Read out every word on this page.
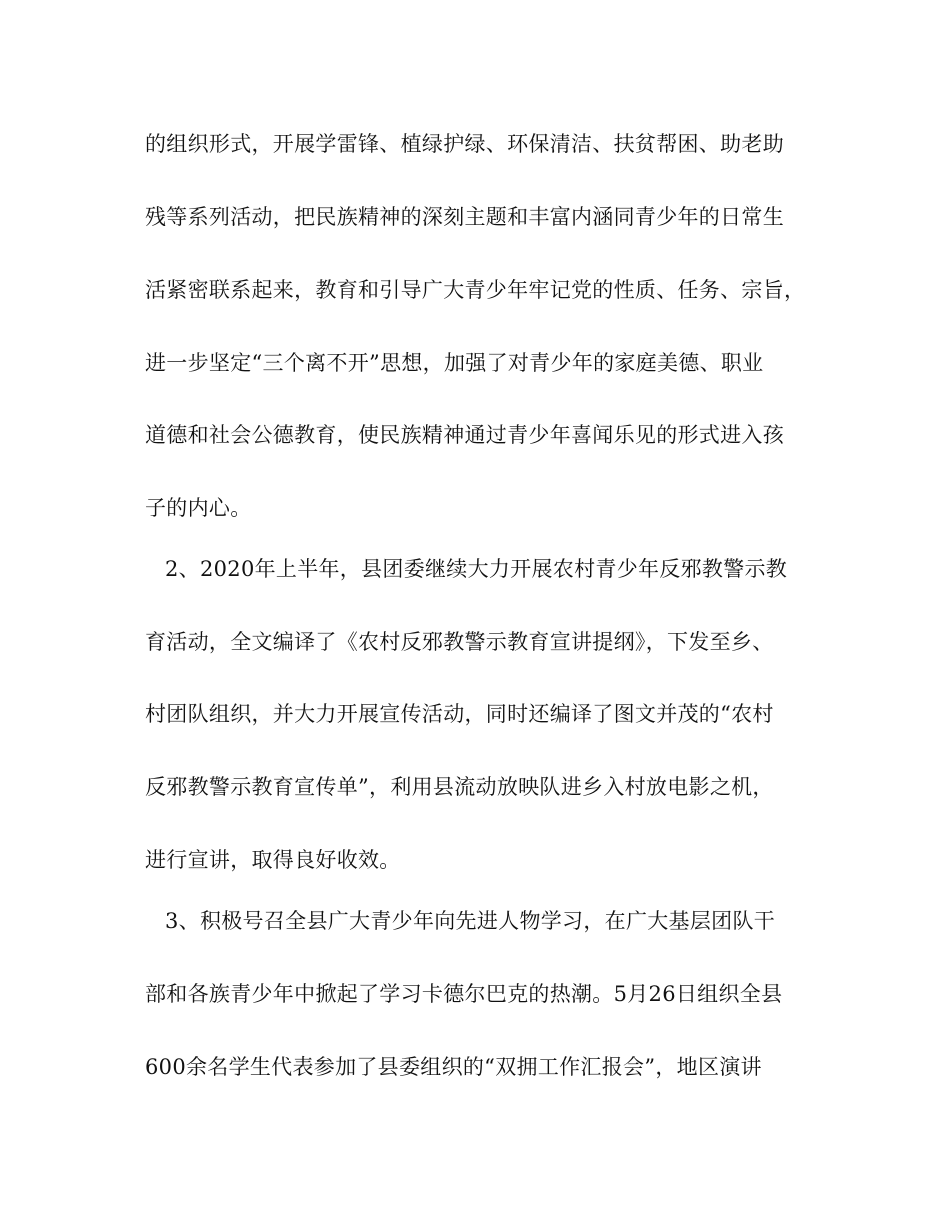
的组织形式，开展学雷锋、植绿护绿、环保清洁、扶贫帮困、助老助
残等系列活动，把民族精神的深刻主题和丰富内涵同青少年的日常生
活紧密联系起来，教育和引导广大青少年牢记党的性质、任务、宗旨，
进一步坚定“三个离不开”思想，加强了对青少年的家庭美德、职业
道德和社会公德教育，使民族精神通过青少年喜闻乐见的形式进入孩
子的内心。
2、2020年上半年，县团委继续大力开展农村青少年反邪教警示教
育活动，全文编译了《农村反邪教警示教育宣讲提纲》，下发至乡、
村团队组织，并大力开展宣传活动，同时还编译了图文并茂的“农村
反邪教警示教育宣传单”，利用县流动放映队进乡入村放电影之机，
进行宣讲，取得良好收效。
3、积极号召全县广大青少年向先进人物学习，在广大基层团队干
部和各族青少年中掀起了学习卡德尔巴克的热潮。5月26日组织全县
600余名学生代表参加了县委组织的“双拥工作汇报会”，地区演讲
